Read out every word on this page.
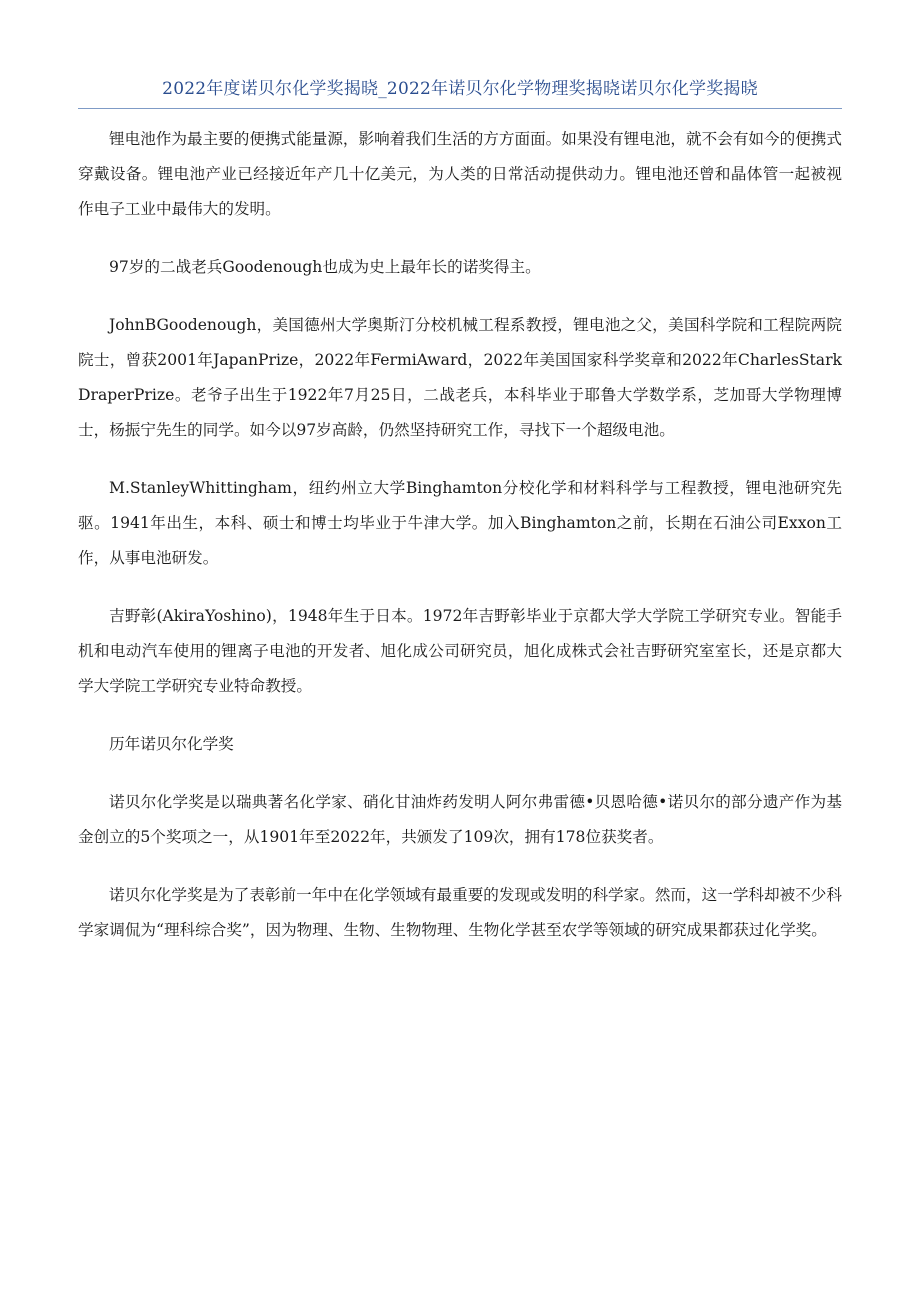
2022年度诺贝尔化学奖揭晓_2022年诺贝尔化学物理奖揭晓诺贝尔化学奖揭晓

锂电池作为最主要的便携式能量源，影响着我们生活的方方面面。如果没有锂电池，就不会有如今的便携式穿戴设备。锂电池产业已经接近年产几十亿美元，为人类的日常活动提供动力。锂电池还曾和晶体管一起被视作电子工业中最伟大的发明。

97岁的二战老兵Goodenough也成为史上最年长的诺奖得主。

JohnBGoodenough，美国德州大学奥斯汀分校机械工程系教授，锂电池之父，美国科学院和工程院两院院士，曾获2001年JapanPrize，2022年FermiAward，2022年美国国家科学奖章和2022年CharlesStarkDraperPrize。老爷子出生于1922年7月25日，二战老兵，本科毕业于耶鲁大学数学系，芝加哥大学物理博士，杨振宁先生的同学。如今以97岁高龄，仍然坚持研究工作，寻找下一个超级电池。

M.StanleyWhittingham，纽约州立大学Binghamton分校化学和材料科学与工程教授，锂电池研究先驱。1941年出生，本科、硕士和博士均毕业于牛津大学。加入Binghamton之前，长期在石油公司Exxon工作，从事电池研发。

吉野彰(AkiraYoshino)，1948年生于日本。1972年吉野彰毕业于京都大学大学院工学研究专业。智能手机和电动汽车使用的锂离子电池的开发者、旭化成公司研究员，旭化成株式会社吉野研究室室长，还是京都大学大学院工学研究专业特命教授。

历年诺贝尔化学奖

诺贝尔化学奖是以瑞典著名化学家、硝化甘油炸药发明人阿尔弗雷德•贝恩哈德•诺贝尔的部分遗产作为基金创立的5个奖项之一，从1901年至2022年，共颁发了109次，拥有178位获奖者。

诺贝尔化学奖是为了表彰前一年中在化学领域有最重要的发现或发明的科学家。然而，这一学科却被不少科学家调侃为“理科综合奖”，因为物理、生物、生物物理、生物化学甚至农学等领域的研究成果都获过化学奖。
